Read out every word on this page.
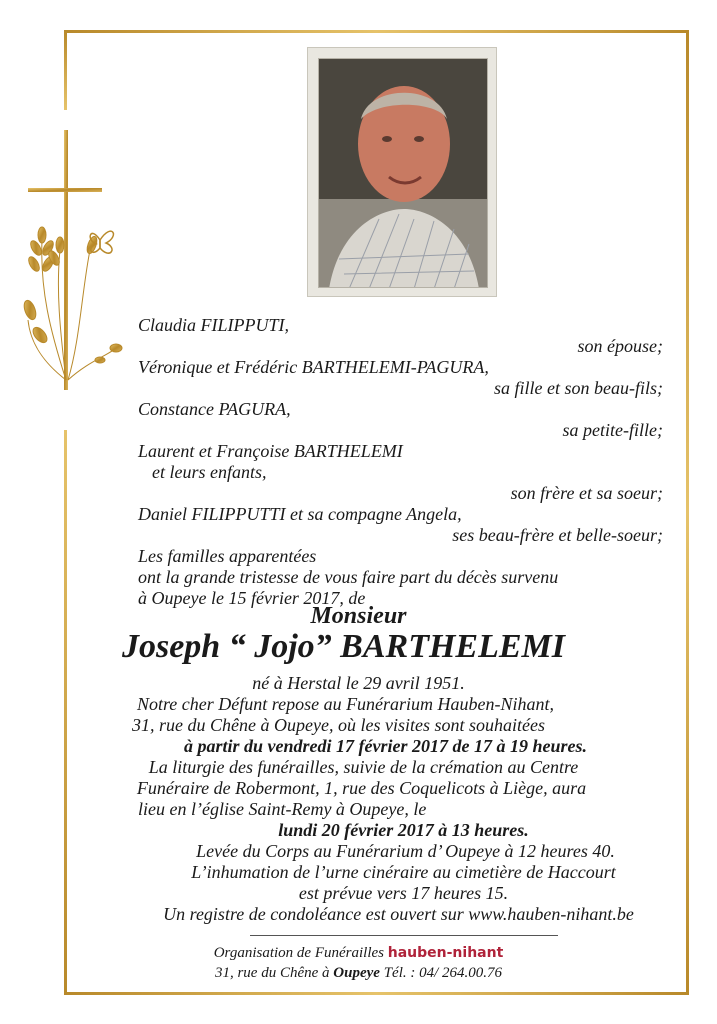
Claudia FILIPPUTI,
son épouse;
Véronique et Frédéric BARTHELEMI-PAGURA,
sa fille et son beau-fils;
Constance PAGURA,
sa petite-fille;
Laurent et Françoise BARTHELEMI
et leurs enfants,
son frère et sa soeur;
Daniel FILIPPUTTI et sa compagne Angela,
ses beau-frère et belle-soeur;
Les familles apparentées
ont la grande tristesse de vous faire part du décès survenu
à Oupeye le 15 février 2017, de
Monsieur
Joseph “ Jojo” BARTHELEMI
né à Herstal le 29 avril 1951.
Notre cher Défunt repose au Funérarium Hauben-Nihant,
31, rue du Chêne à Oupeye, où les visites sont souhaitées
à partir du vendredi 17 février 2017 de 17 à 19 heures.
La liturgie des funérailles, suivie de la crémation au Centre
Funéraire de Robermont, 1, rue des Coquelicots à Liège, aura
lieu en l’église Saint-Remy à Oupeye, le
lundi 20 février 2017 à 13 heures.
Levée du Corps au Funérarium d’ Oupeye à 12 heures 40.
L’inhumation de l’urne cinéraire au cimetière de Haccourt
est prévue vers 17 heures 15.
Un registre de condoléance est ouvert sur www.hauben-nihant.be
Organisation de Funérailles hauben-nihant
31, rue du Chêne à Oupeye Tél. : 04/ 264.00.76
